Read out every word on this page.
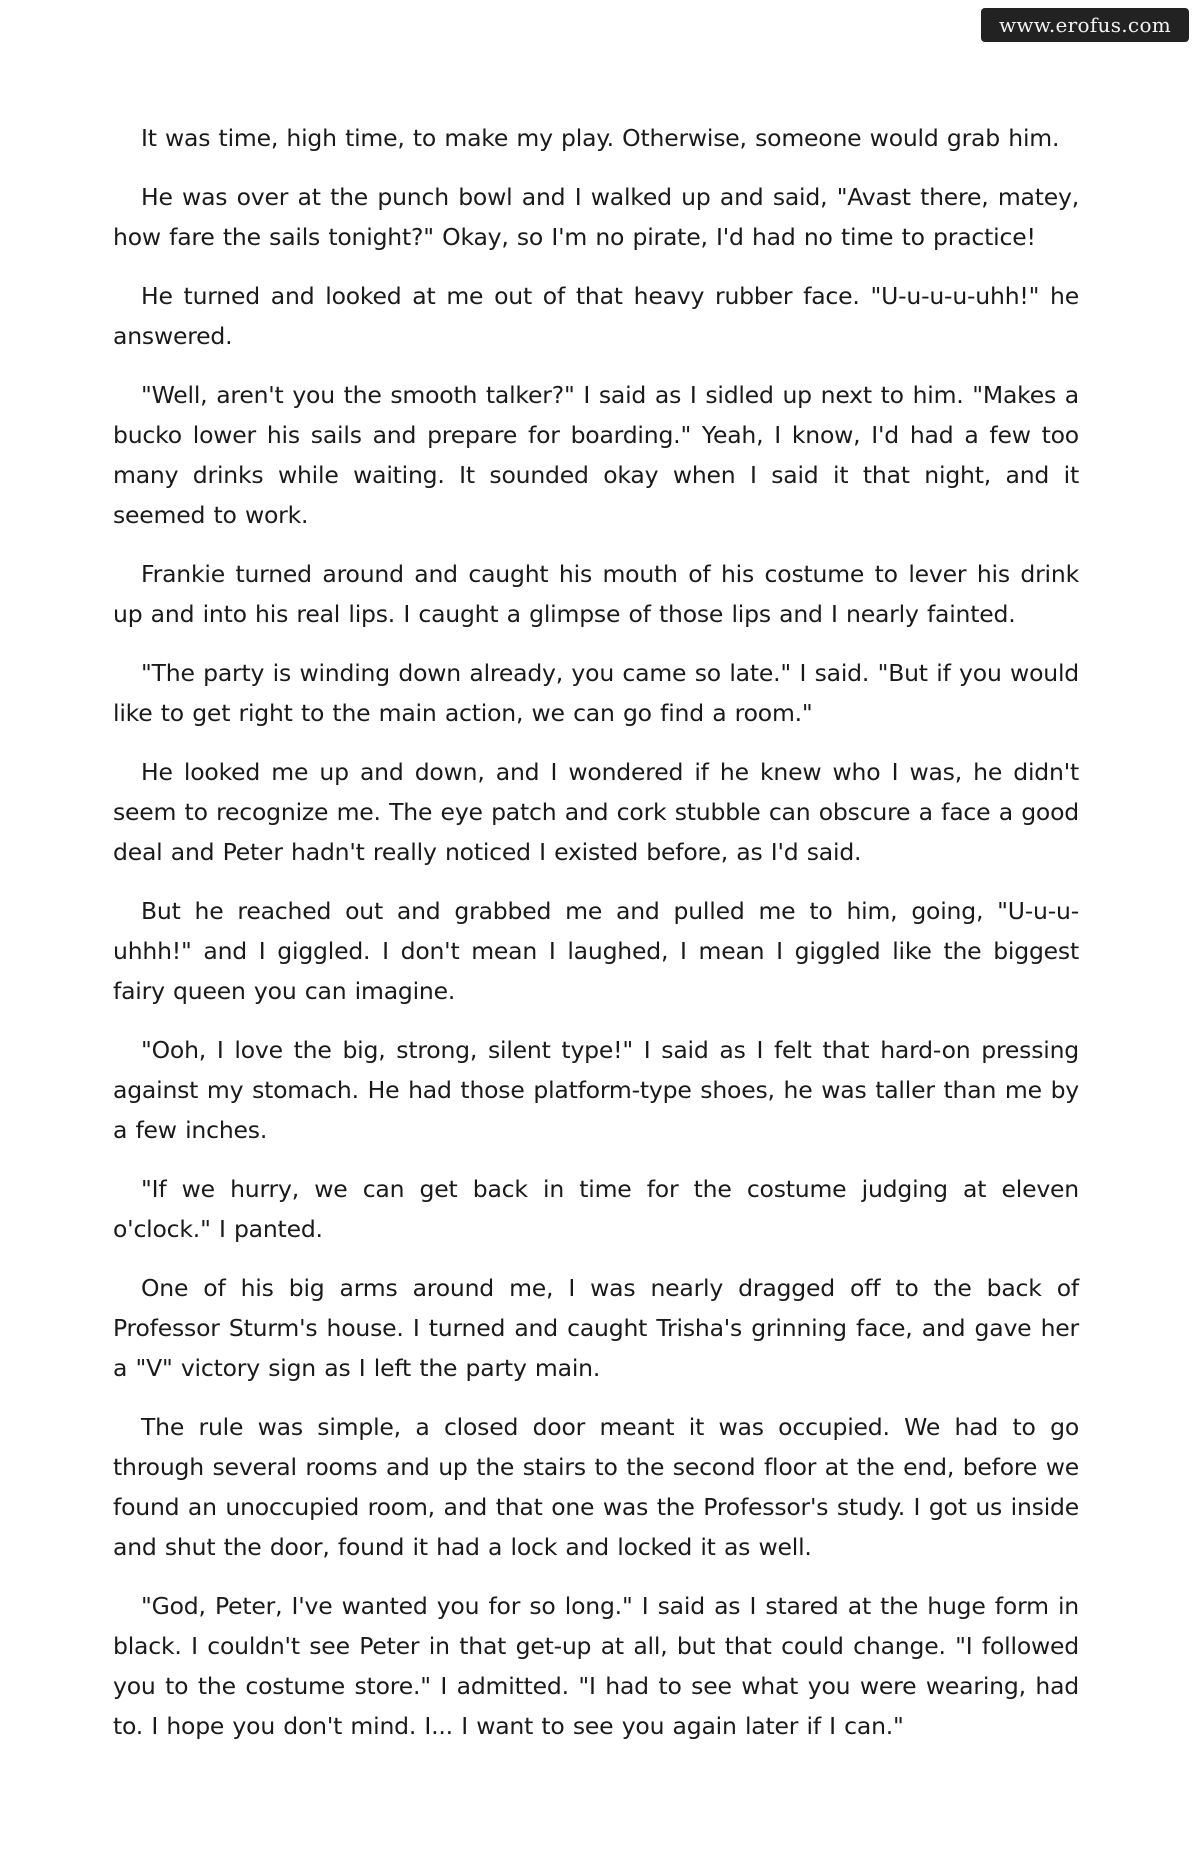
www.erofus.com

It was time, high time, to make my play. Otherwise, someone would grab him.

He was over at the punch bowl and I walked up and said, "Avast there, matey, how fare the sails tonight?" Okay, so I'm no pirate, I'd had no time to practice!

He turned and looked at me out of that heavy rubber face. "U-u-u-u-uhh!" he answered.

"Well, aren't you the smooth talker?" I said as I sidled up next to him. "Makes a bucko lower his sails and prepare for boarding." Yeah, I know, I'd had a few too many drinks while waiting. It sounded okay when I said it that night, and it seemed to work.

Frankie turned around and caught his mouth of his costume to lever his drink up and into his real lips. I caught a glimpse of those lips and I nearly fainted.

"The party is winding down already, you came so late." I said. "But if you would like to get right to the main action, we can go find a room."

He looked me up and down, and I wondered if he knew who I was, he didn't seem to recognize me. The eye patch and cork stubble can obscure a face a good deal and Peter hadn't really noticed I existed before, as I'd said.

But he reached out and grabbed me and pulled me to him, going, "U-u-u-uhhh!" and I giggled. I don't mean I laughed, I mean I giggled like the biggest fairy queen you can imagine.

"Ooh, I love the big, strong, silent type!" I said as I felt that hard-on pressing against my stomach. He had those platform-type shoes, he was taller than me by a few inches.

"If we hurry, we can get back in time for the costume judging at eleven o'clock." I panted.

One of his big arms around me, I was nearly dragged off to the back of Professor Sturm's house. I turned and caught Trisha's grinning face, and gave her a "V" victory sign as I left the party main.

The rule was simple, a closed door meant it was occupied. We had to go through several rooms and up the stairs to the second floor at the end, before we found an unoccupied room, and that one was the Professor's study. I got us inside and shut the door, found it had a lock and locked it as well.

"God, Peter, I've wanted you for so long." I said as I stared at the huge form in black. I couldn't see Peter in that get-up at all, but that could change. "I followed you to the costume store." I admitted. "I had to see what you were wearing, had to. I hope you don't mind. I... I want to see you again later if I can."
